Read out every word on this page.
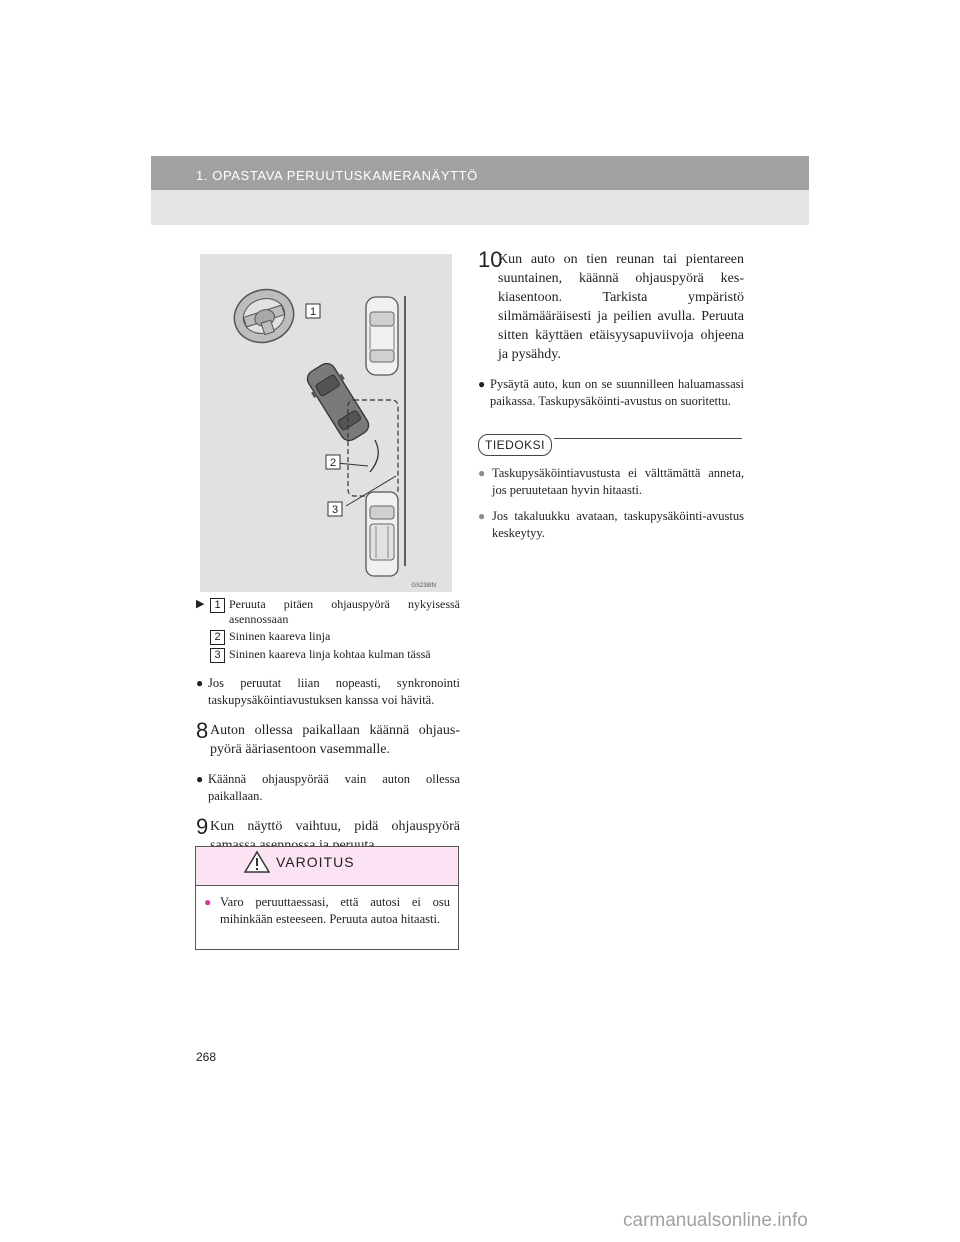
1. OPASTAVA PERUUTUSKAMERANÄYTTÖ
1
2
3
GS238IN
▶ 1 Peruuta pitäen ohjauspyörä nykyisessä asennossaan
2 Sininen kaareva linja
3 Sininen kaareva linja kohtaa kulman tässä
● Jos peruutat liian nopeasti, synkronointi taskupysäköintiavustuksen kanssa voi hävitä.
8 Auton ollessa paikallaan käännä ohjaus-pyörä ääriasentoon vasemmalle.
● Käännä ohjauspyörää vain auton ollessa paikallaan.
9 Kun näyttö vaihtuu, pidä ohjauspyörä
VAROITUS
● Varo peruuttaessasi, että autosi ei osu mihinkään esteeseen. Peruuta autoa hitaasti.
10
Kun auto on tien reunan tai pientareen suuntainen, käännä ohjauspyörä kes-kiasentoon. Tarkista ympäristö silmämääräisesti ja peilien avulla. Peruuta sitten käyttäen etäisyysapuviivoja ohjeena ja pysähdy.
● Pysäytä auto, kun on se suunnilleen haluamassasi paikassa. Taskupysäköinti-avustus on suoritettu.
TIEDOKSI
● Taskupysäköintiavustusta ei välttämättä anneta, jos peruutetaan hyvin hitaasti.
● Jos takaluukku avataan, taskupysäköinti-avustus keskeytyy.
268
carmanualsonline.info
